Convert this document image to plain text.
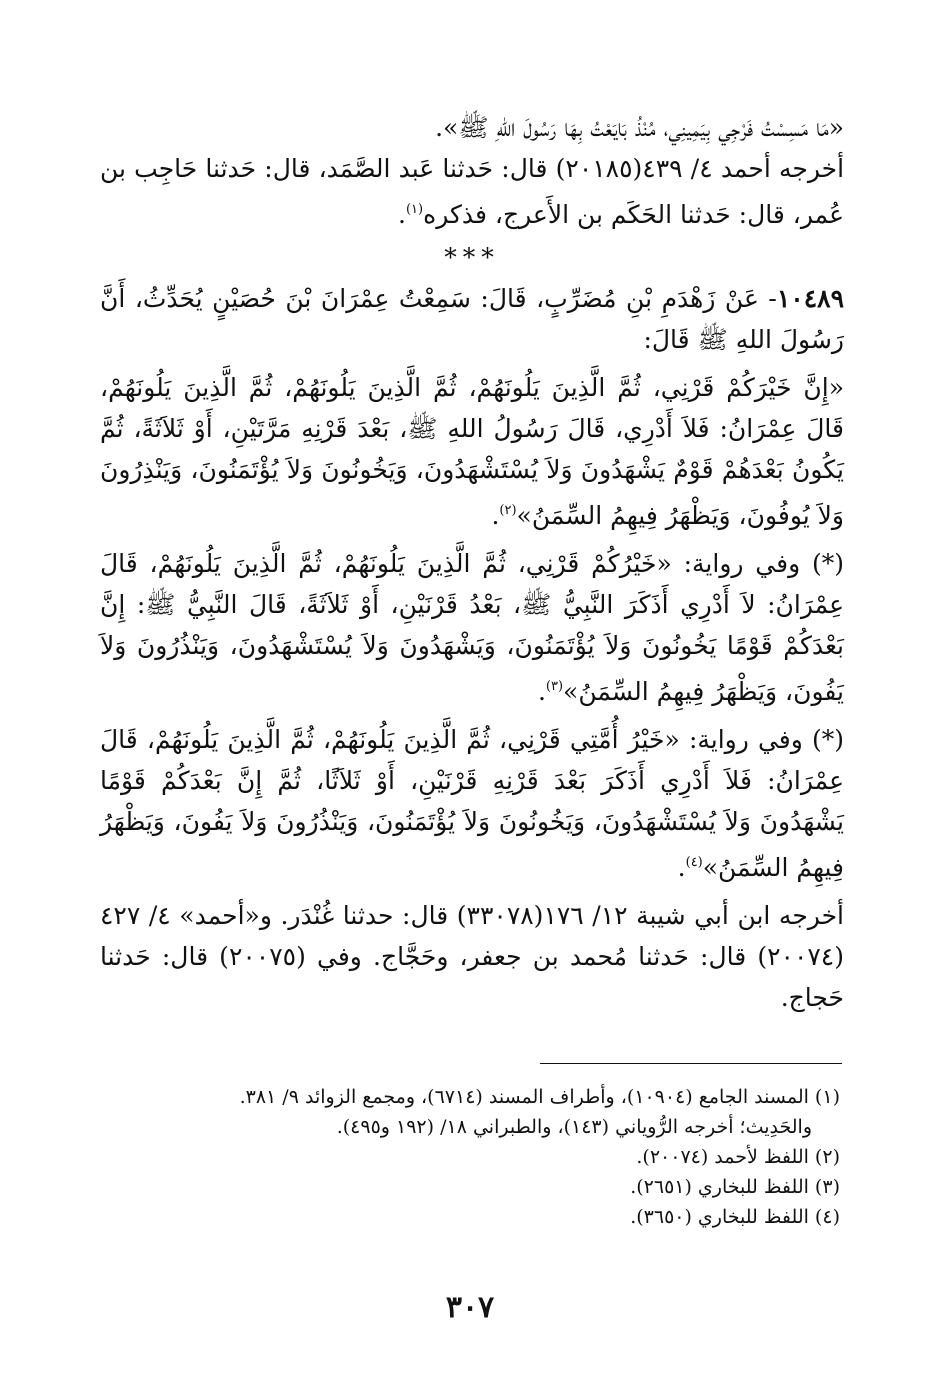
«مَا مَسِسْتُ فَرْجِي بِيَمِينِي، مُنْذُ بَايَعْتُ بِهَا رَسُولَ اللهِ ﷺ».

أخرجه أحمد ٤/ ٤٣٩(٢٠١٨٥) قال: حَدثنا عَبد الصَّمَد، قال: حَدثنا حَاجِب بن عُمر، قال: حَدثنا الحَكَم بن الأَعرج، فذكره$^{(١)}$.

***

١٠٤٨٩- عَنْ زَهْدَمِ بْنِ مُضَرِّبٍ، قَالَ: سَمِعْتُ عِمْرَانَ بْنَ حُصَيْنٍ يُحَدِّثُ، أَنَّ رَسُولَ اللهِ ﷺ قَالَ:

«إِنَّ خَيْرَكُمْ قَرْنِي، ثُمَّ الَّذِينَ يَلُونَهُمْ، ثُمَّ الَّذِينَ يَلُونَهُمْ، ثُمَّ الَّذِينَ يَلُونَهُمْ، قَالَ عِمْرَانُ: فَلاَ أَدْرِي، قَالَ رَسُولُ اللهِ ﷺ، بَعْدَ قَرْنِهِ مَرَّتَيْنِ، أَوْ ثَلاَثَةً، ثُمَّ يَكُونُ بَعْدَهُمْ قَوْمٌ يَشْهَدُونَ وَلاَ يُسْتَشْهَدُونَ، وَيَخُونُونَ وَلاَ يُؤْتَمَنُونَ، وَيَنْذِرُونَ وَلاَ يُوفُونَ، وَيَظْهَرُ فِيهِمُ السِّمَنُ»$^{(٢)}$.

(*) وفي رواية: «خَيْرُكُمْ قَرْنِي، ثُمَّ الَّذِينَ يَلُونَهُمْ، ثُمَّ الَّذِينَ يَلُونَهُمْ، قَالَ عِمْرَانُ: لاَ أَدْرِي أَذَكَرَ النَّبِيُّ ﷺ، بَعْدُ قَرْنَيْنِ، أَوْ ثَلاَثَةً، قَالَ النَّبِيُّ ﷺ: إِنَّ بَعْدَكُمْ قَوْمًا يَخُونُونَ وَلاَ يُؤْتَمَنُونَ، وَيَشْهَدُونَ وَلاَ يُسْتَشْهَدُونَ، وَيَنْذُرُونَ وَلاَ يَفُونَ، وَيَظْهَرُ فِيهِمُ السِّمَنُ»$^{(٣)}$.

(*) وفي رواية: «خَيْرُ أُمَّتِي قَرْنِي، ثُمَّ الَّذِينَ يَلُونَهُمْ، ثُمَّ الَّذِينَ يَلُونَهُمْ، قَالَ عِمْرَانُ: فَلاَ أَدْرِي أَذَكَرَ بَعْدَ قَرْنِهِ قَرْنَيْنِ، أَوْ ثَلاَثًا، ثُمَّ إِنَّ بَعْدَكُمْ قَوْمًا يَشْهَدُونَ وَلاَ يُسْتَشْهَدُونَ، وَيَخُونُونَ وَلاَ يُؤْتَمَنُونَ، وَيَنْذُرُونَ وَلاَ يَفُونَ، وَيَظْهَرُ فِيهِمُ السِّمَنُ»$^{(٤)}$.

أخرجه ابن أبي شيبة ١٢/ ١٧٦(٣٣٠٧٨) قال: حدثنا غُنْدَر. و«أحمد» ٤/ ٤٢٧ (٢٠٠٧٤) قال: حَدثنا مُحمد بن جعفر، وحَجَّاج. وفي (٢٠٠٧٥) قال: حَدثنا حَجاج.

(١) المسند الجامع (١٠٩٠٤)، وأطراف المسند (٦٧١٤)، ومجمع الزوائد ٩/ ٣٨١.

والحَدِيث؛ أخرجه الرُّوياني (١٤٣)، والطبراني ١٨/ (١٩٢ و٤٩٥).

(٢) اللفظ لأحمد (٢٠٠٧٤).

(٣) اللفظ للبخاري (٢٦٥١).

(٤) اللفظ للبخاري (٣٦٥٠).

٣٠٧
